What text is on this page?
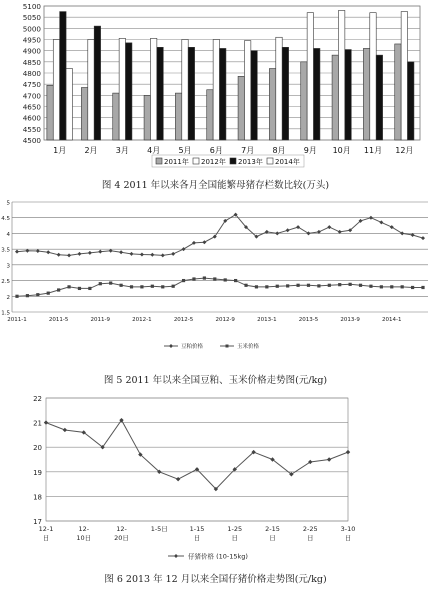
4500
4550
4600
4650
4700
4750
4800
4850
4900
4950
5000
5050
5100
1月 2月 3月 4月 5月 6月 7月 8月 9月 10月 11月 12月
2011年 2012年 2013年 2014年
图 4 2011 年以来各月全国能繁母猪存栏数比较(万头)
1.5
2
2.5
3
3.5
4
4.5
5
2011-1	2011-5	2011-9	2012-1	2012-5	2012-9	2013-1	2013-5	2013-9	2014-1
豆粕价格	玉米价格
图 5 2011 年以来全国豆粕、玉米价格走势图(元/kg)
17
18
19
20
21
22
12-1
日
12-
10日
12-
20日
1-5日	1-15
日
1-25
日
2-15
日
2-25
日
3-10
日
仔猪价格 (10-15kg)
图 6 2013 年 12 月以来全国仔猪价格走势图(元/kg)
